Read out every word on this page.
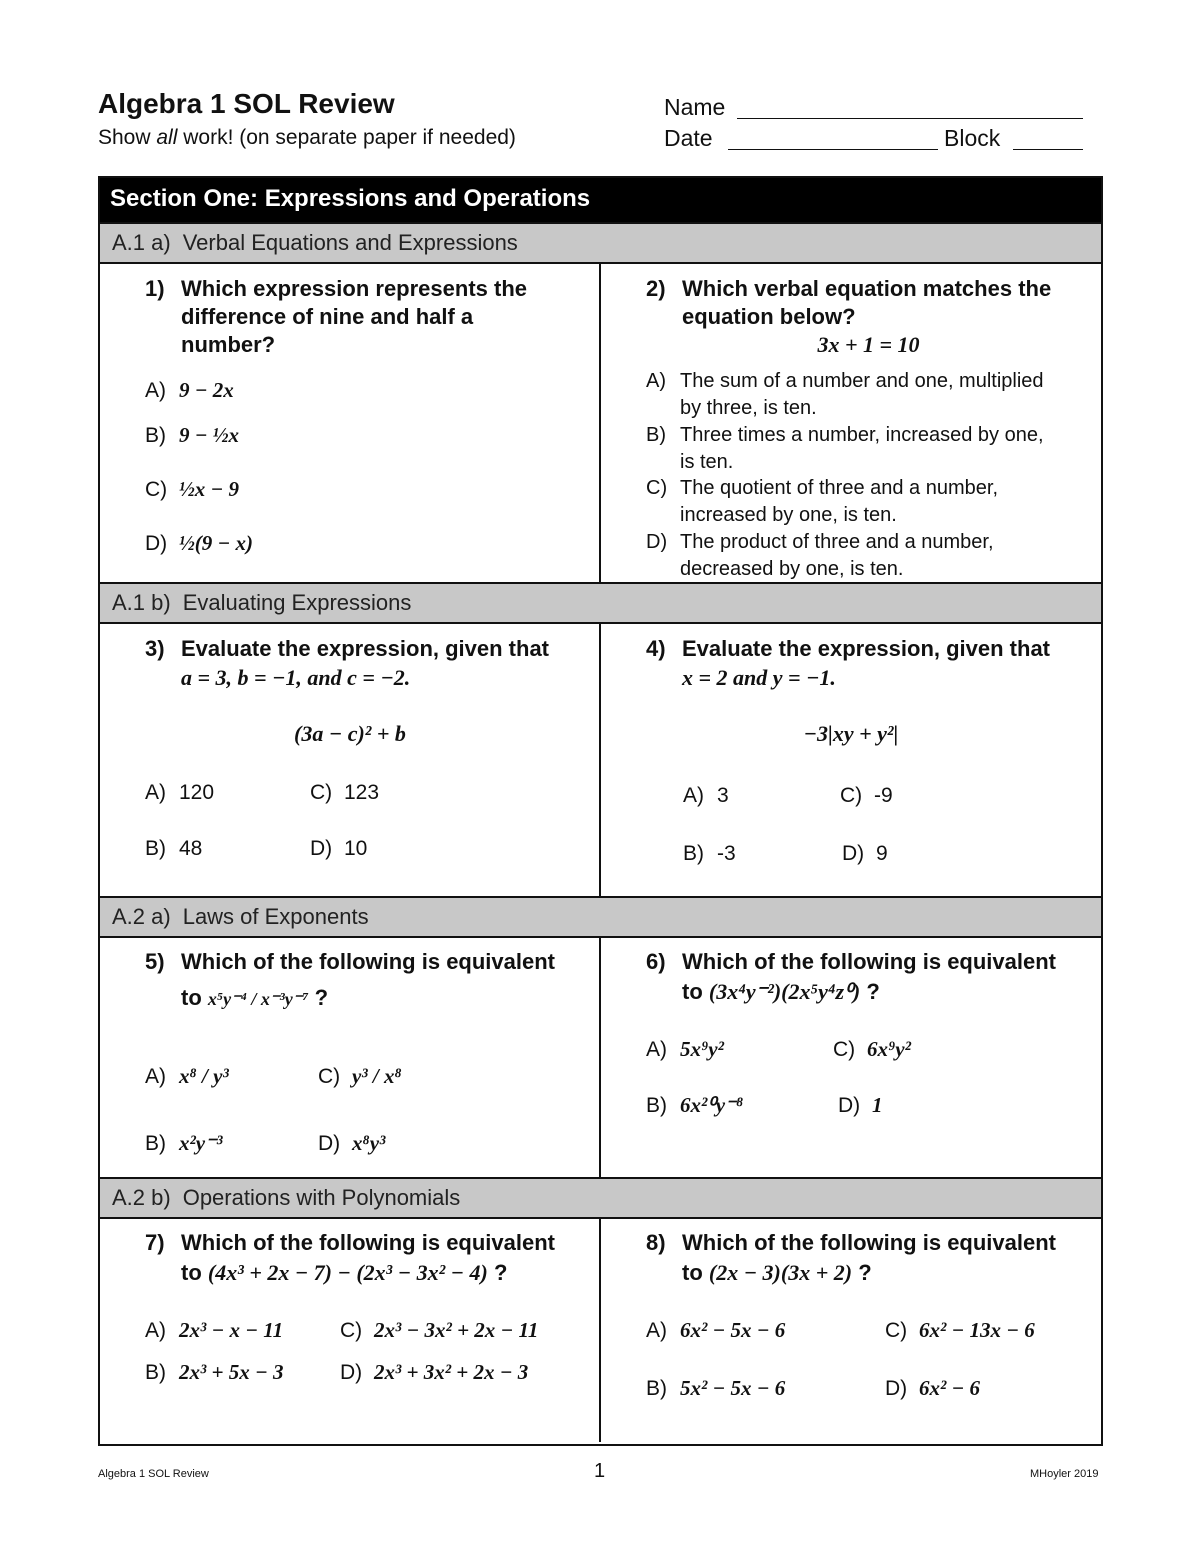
Algebra 1 SOL Review
Show all work! (on separate paper if needed)
Name
Date	Block
Section One: Expressions and Operations
A.1 a) Verbal Equations and Expressions
A.1 b) Evaluating Expressions
A.2 a) Laws of Exponents
A.2 b) Operations with Polynomials
1) Which expression represents the difference of nine and half a number?
A) 9 − 2x
B) 9 − ½x
C) ½x − 9
D) ½(9 − x)
2) Which verbal equation matches the equation below?
3x + 1 = 10
A) The sum of a number and one, multiplied by three, is ten.
B) Three times a number, increased by one, is ten.
C) The quotient of three and a number, increased by one, is ten.
D) The product of three and a number, decreased by one, is ten.
3) Evaluate the expression, given that
a = 3, b = −1, and c = −2.
(3a − c)² + b
A) 120
B) 48
C) 123
D) 10
4) Evaluate the expression, given that
x = 2 and y = −1.
−3|xy + y²|
A) 3
B) -3
C) -9
D) 9
5) Which of the following is equivalent
to x⁵y⁻⁴ / x⁻³y⁻⁷ ?
A) x⁸ / y³
B) x²y⁻³
C) y³ / x⁸
D) x⁸y³
6) Which of the following is equivalent
to (3x⁴y⁻²)(2x⁵y⁴z⁰) ?
A) 5x⁹y²
B) 6x²⁰y⁻⁸
C) 6x⁹y²
D) 1
7) Which of the following is equivalent
to (4x³ + 2x − 7) − (2x³ − 3x² − 4) ?
A) 2x³ − x − 11
B) 2x³ + 5x − 3
C) 2x³ − 3x² + 2x − 11
D) 2x³ + 3x² + 2x − 3
8) Which of the following is equivalent
to (2x − 3)(3x + 2) ?
A) 6x² − 5x − 6
B) 5x² − 5x − 6
C) 6x² − 13x − 6
D) 6x² − 6
Algebra 1 SOL Review	1	MHoyler 2019
